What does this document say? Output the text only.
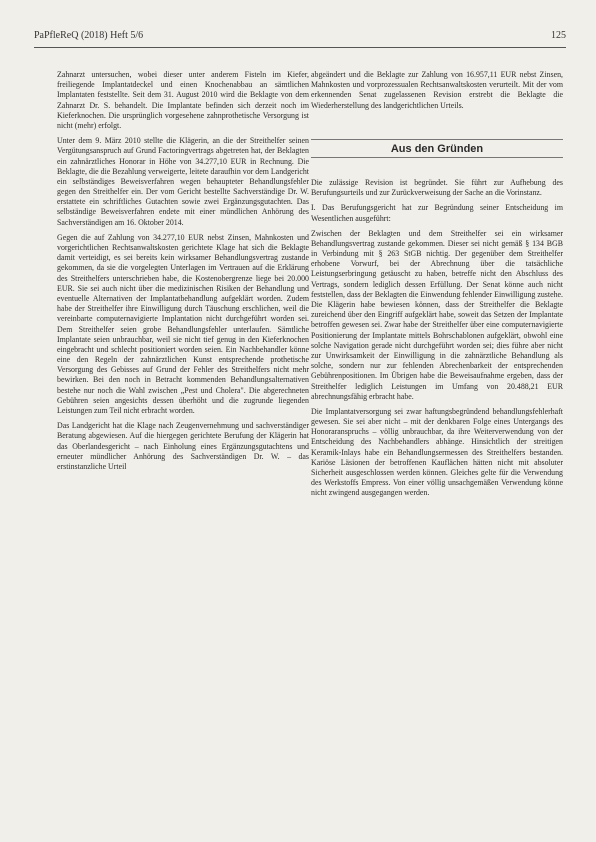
PaPfleReQ (2018) Heft 5/6	125

Zahnarzt untersuchen, wobei dieser unter anderem Fisteln im Kiefer, freiliegende Implantatdeckel und einen Knochenabbau an sämtlichen Implantaten feststellte. Seit dem 31. August 2010 wird die Beklagte von dem Zahnarzt Dr. S. behandelt. Die Implantate befinden sich derzeit noch im Kieferknochen. Die ursprünglich vorgesehene zahnprothetische Versorgung ist nicht (mehr) erfolgt.

Unter dem 9. März 2010 stellte die Klägerin, an die der Streithelfer seinen Vergütungsanspruch auf Grund Factoringvertrags abgetreten hat, der Beklagten ein zahnärztliches Honorar in Höhe von 34.277,10 EUR in Rechnung. Die Beklagte, die die Bezahlung verweigerte, leitete daraufhin vor dem Landgericht ein selbständiges Beweisverfahren wegen behaupteter Behandlungsfehler gegen den Streithelfer ein. Der vom Gericht bestellte Sachverständige Dr. W. erstattete ein schriftliches Gutachten sowie zwei Ergänzungsgutachten. Das selbständige Beweisverfahren endete mit einer mündlichen Anhörung des Sachverständigen am 16. Oktober 2014.

Gegen die auf Zahlung von 34.277,10 EUR nebst Zinsen, Mahnkosten und vorgerichtlichen Rechtsanwaltskosten gerichtete Klage hat sich die Beklagte damit verteidigt, es sei bereits kein wirksamer Behandlungsvertrag zustande gekommen, da sie die vorgelegten Unterlagen im Vertrauen auf die Erklärung des Streithelfers unterschrieben habe, die Kostenobergrenze liege bei 20.000 EUR. Sie sei auch nicht über die medizinischen Risiken der Behandlung und eventuelle Alternativen der Implantatbehandlung aufgeklärt worden. Zudem habe der Streithelfer ihre Einwilligung durch Täuschung erschlichen, weil die vereinbarte computernavigierte Implantation nicht durchgeführt worden sei. Dem Streithelfer seien grobe Behandlungsfehler unterlaufen. Sämtliche Implantate seien unbrauchbar, weil sie nicht tief genug in den Kieferknochen eingebracht und schlecht positioniert worden seien. Ein Nachbehandler könne eine den Regeln der zahnärztlichen Kunst entsprechende prothetische Versorgung des Gebisses auf Grund der Fehler des Streithelfers nicht mehr bewirken. Bei den noch in Betracht kommenden Behandlungsalternativen bestehe nur noch die Wahl zwischen „Pest und Cholera". Die abgerechneten Gebühren seien angesichts dessen überhöht und die zugrunde liegenden Leistungen zum Teil nicht erbracht worden.

Das Landgericht hat die Klage nach Zeugenvernehmung und sachverständiger Beratung abgewiesen. Auf die hiergegen gerichtete Berufung der Klägerin hat das Oberlandesgericht – nach Einholung eines Ergänzungsgutachtens und erneuter mündlicher Anhörung des Sachverständigen Dr. W. – das erstinstanzliche Urteil

abgeändert und die Beklagte zur Zahlung von 16.957,11 EUR nebst Zinsen, Mahnkosten und vorprozessualen Rechtsanwaltskosten verurteilt. Mit der vom erkennenden Senat zugelassenen Revision erstrebt die Beklagte die Wiederherstellung des landgerichtlichen Urteils.

Aus den Gründen

Die zulässige Revision ist begründet. Sie führt zur Aufhebung des Berufungsurteils und zur Zurückverweisung der Sache an die Vorinstanz.

I. Das Berufungsgericht hat zur Begründung seiner Entscheidung im Wesentlichen ausgeführt:

Zwischen der Beklagten und dem Streithelfer sei ein wirksamer Behandlungsvertrag zustande gekommen. Dieser sei nicht gemäß § 134 BGB in Verbindung mit § 263 StGB nichtig. Der gegenüber dem Streithelfer erhobene Vorwurf, bei der Abrechnung über die tatsächliche Leistungserbringung getäuscht zu haben, betreffe nicht den Abschluss des Vertrags, sondern lediglich dessen Erfüllung. Der Senat könne auch nicht feststellen, dass der Beklagten die Einwendung fehlender Einwilligung zustehe. Die Klägerin habe bewiesen können, dass der Streithelfer die Beklagte zureichend über den Eingriff aufgeklärt habe, soweit das Setzen der Implantate betroffen gewesen sei. Zwar habe der Streithelfer über eine computernavigierte Positionierung der Implantate mittels Bohrschablonen aufgeklärt, obwohl eine solche Navigation gerade nicht durchgeführt worden sei; dies führe aber nicht zur Unwirksamkeit der Einwilligung in die zahnärztliche Behandlung als solche, sondern nur zur fehlenden Abrechenbarkeit der entsprechenden Gebührenpositionen. Im Übrigen habe die Beweisaufnahme ergeben, dass der Streithelfer lediglich Leistungen im Umfang von 20.488,21 EUR abrechnungsfähig erbracht habe.

Die Implantatversorgung sei zwar haftungsbegründend behandlungsfehlerhaft gewesen. Sie sei aber nicht – mit der denkbaren Folge eines Untergangs des Honoraranspruchs – völlig unbrauchbar, da ihre Weiterverwendung von der Entscheidung des Nachbehandlers abhänge. Hinsichtlich der streitigen Keramik-Inlays habe ein Behandlungsermessen des Streithelfers bestanden. Kariöse Läsionen der betroffenen Kauflächen hätten nicht mit absoluter Sicherheit ausgeschlossen werden können. Gleiches gelte für die Verwendung des Werkstoffs Empress. Von einer völlig unsachgemäßen Verwendung könne nicht zwingend ausgegangen werden.
